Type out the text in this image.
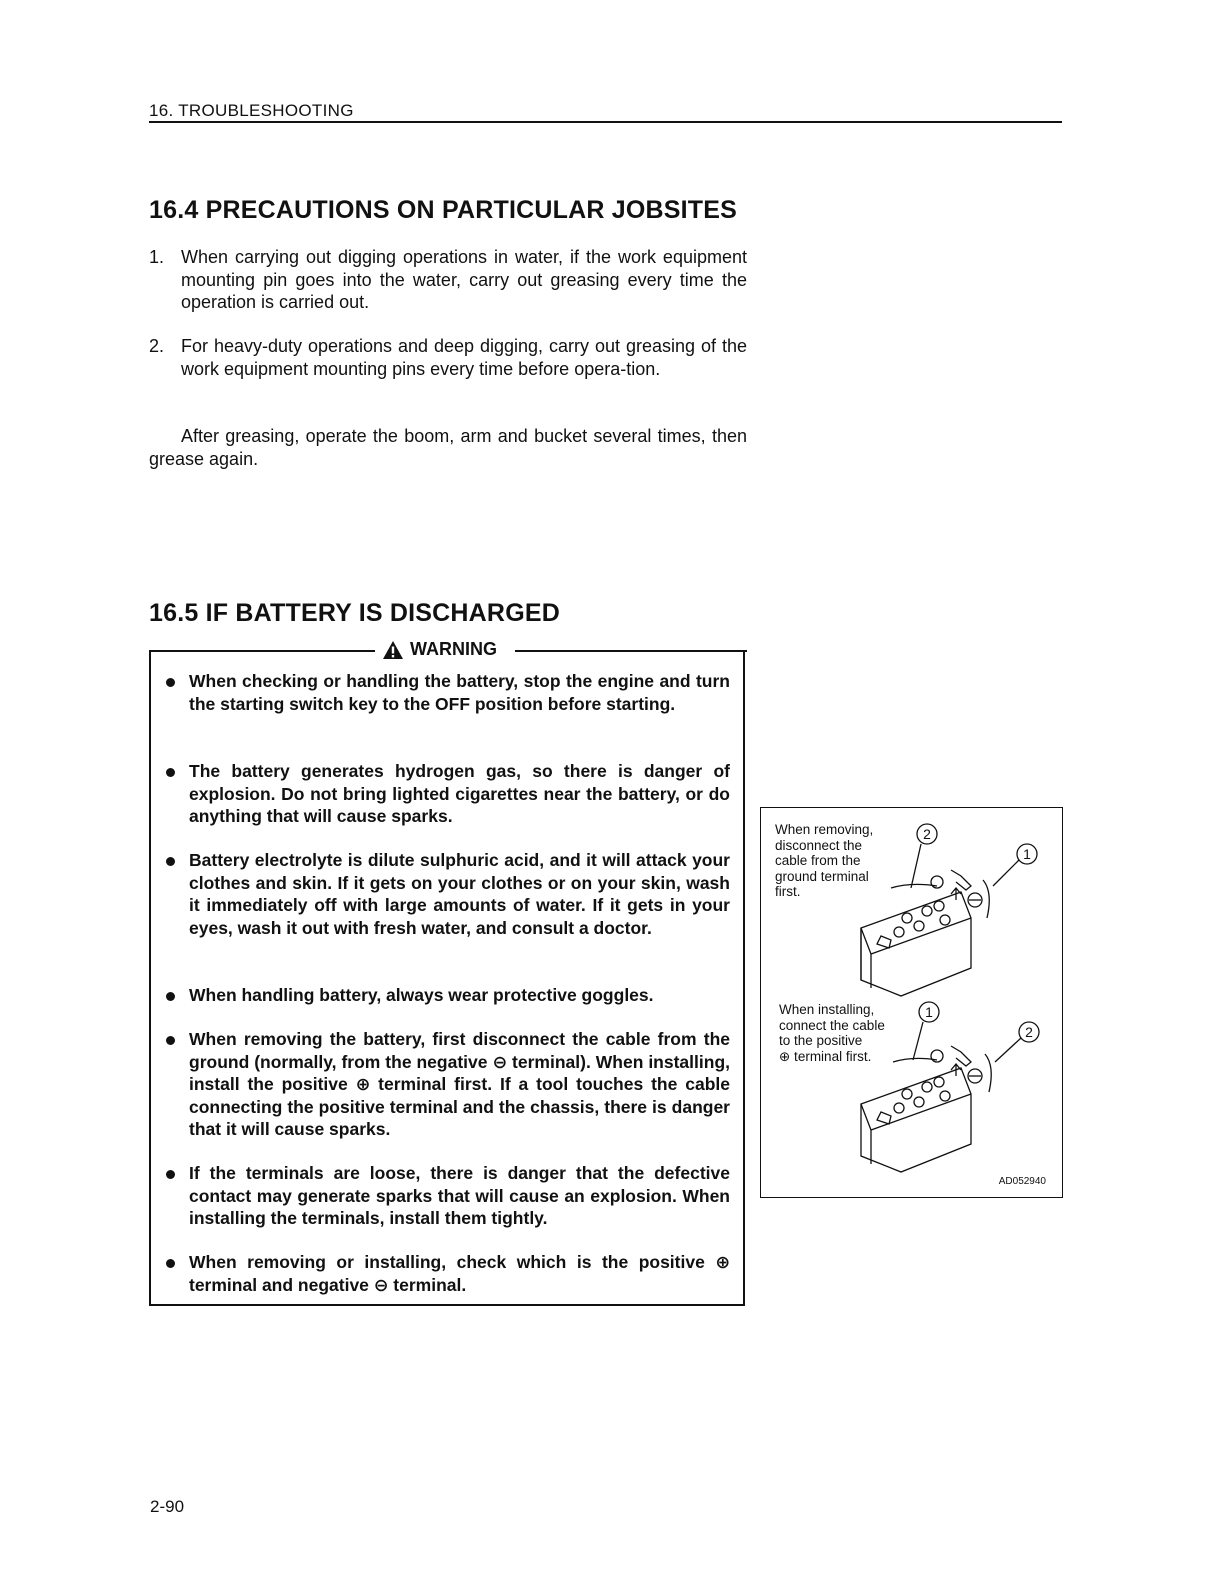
16. TROUBLESHOOTING
16.4 PRECAUTIONS ON PARTICULAR JOBSITES
1. When carrying out digging operations in water, if the work equipment mounting pin goes into the water, carry out greasing every time the operation is carried out.
2. For heavy-duty operations and deep digging, carry out greasing of the work equipment mounting pins every time before opera-tion.
After greasing, operate the boom, arm and bucket several times, then grease again.
16.5 IF BATTERY IS DISCHARGED
WARNING
When checking or handling the battery, stop the engine and turn the starting switch key to the OFF position before starting.
The battery generates hydrogen gas, so there is danger of explosion. Do not bring lighted cigarettes near the battery, or do anything that will cause sparks.
Battery electrolyte is dilute sulphuric acid, and it will attack your clothes and skin. If it gets on your clothes or on your skin, wash it immediately off with large amounts of water. If it gets in your eyes, wash it out with fresh water, and consult a doctor.
When handling battery, always wear protective goggles.
When removing the battery, first disconnect the cable from the ground (normally, from the negative ⊖ terminal). When installing, install the positive ⊕ terminal first. If a tool touches the cable connecting the positive terminal and the chassis, there is danger that it will cause sparks.
If the terminals are loose, there is danger that the defective contact may generate sparks that will cause an explosion. When installing the terminals, install them tightly.
When removing or installing, check which is the positive ⊕ terminal and negative ⊖ terminal.
When removing,
disconnect the
cable from the
ground terminal
first.
When installing,
connect the cable
to the positive
⊕ terminal first.
2
1
1
2
AD052940
2-90
